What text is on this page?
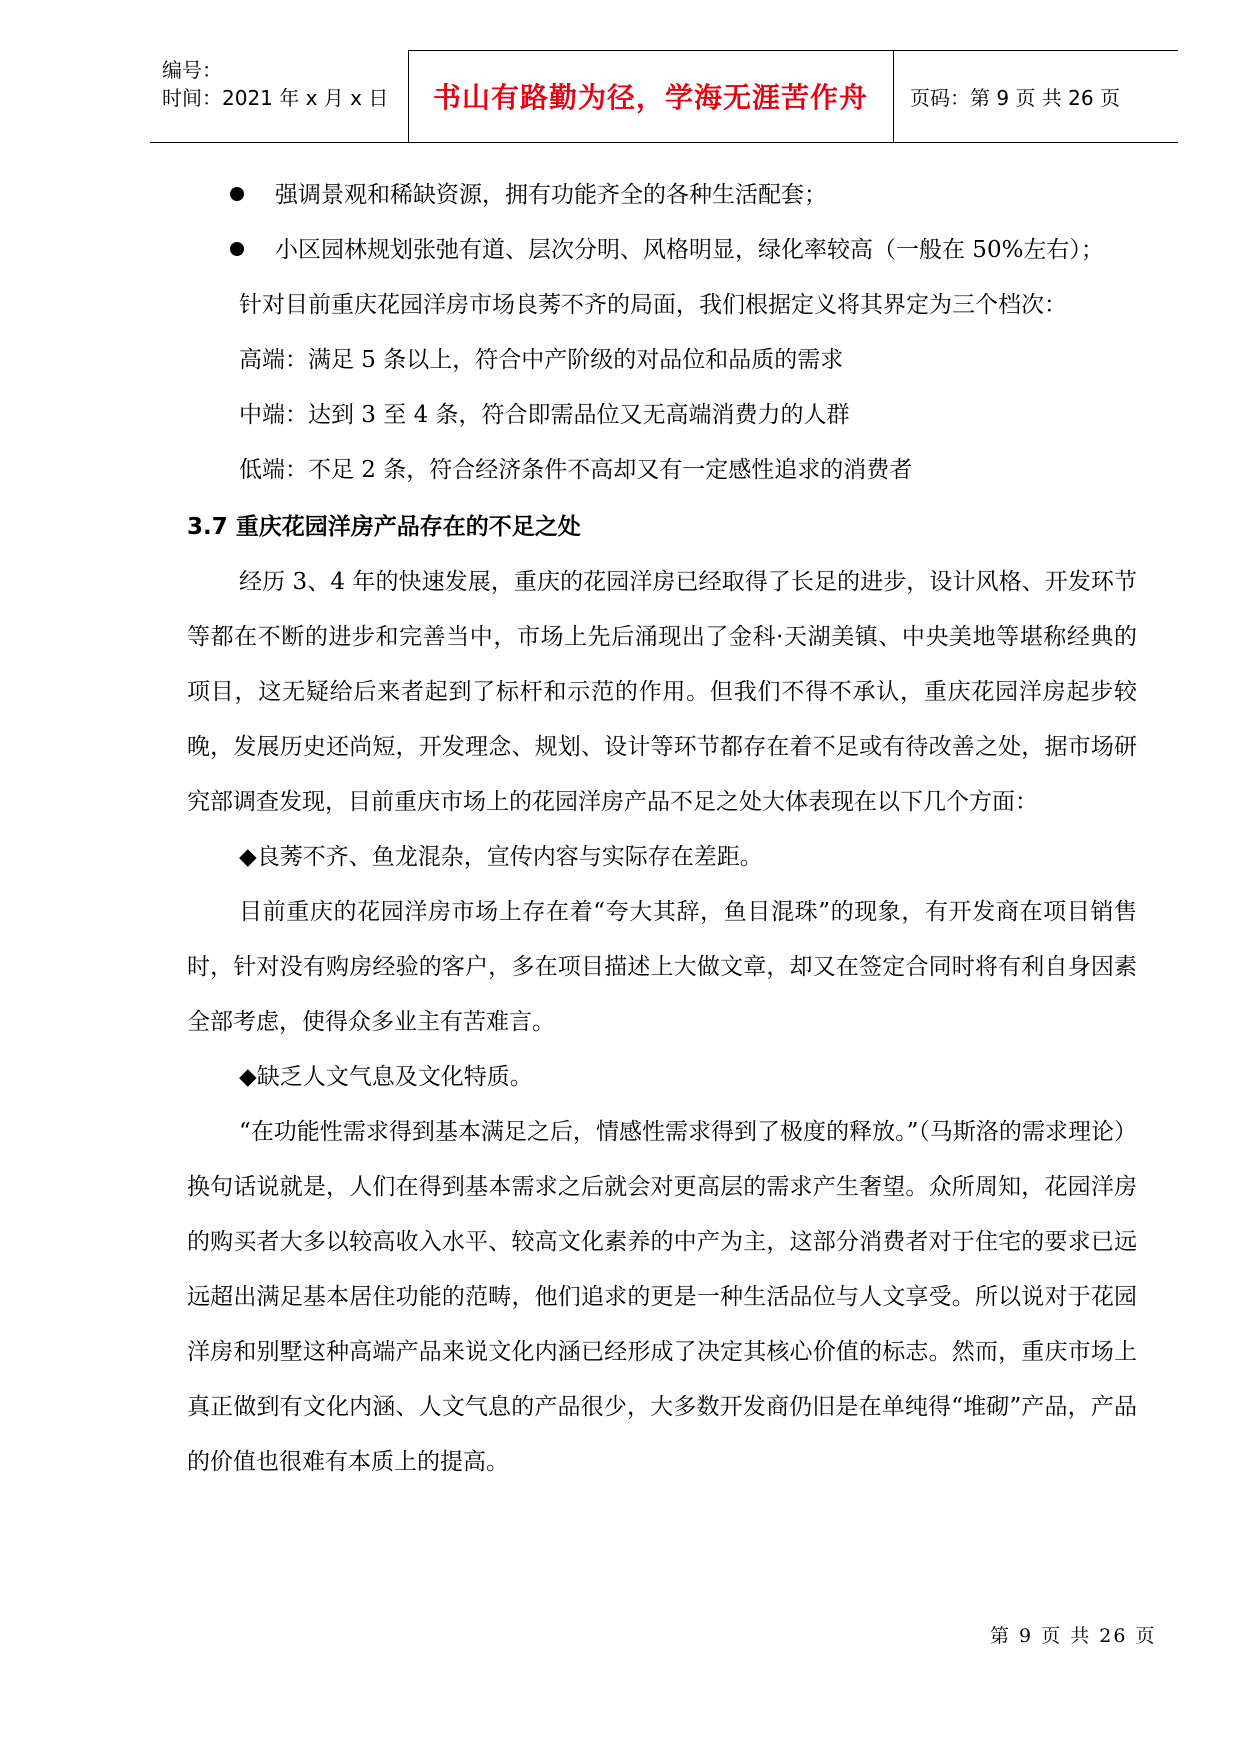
编号：
时间：2021 年 x 月 x 日	书山有路勤为径，学海无涯苦作舟	页码：第 9 页 共 26 页
强调景观和稀缺资源，拥有功能齐全的各种生活配套；
小区园林规划张弛有道、层次分明、风格明显，绿化率较高（一般在 50%左右）；
针对目前重庆花园洋房市场良莠不齐的局面，我们根据定义将其界定为三个档次：
高端：满足 5 条以上，符合中产阶级的对品位和品质的需求
中端：达到 3 至 4 条，符合即需品位又无高端消费力的人群
低端：不足 2 条，符合经济条件不高却又有一定感性追求的消费者
3.7 重庆花园洋房产品存在的不足之处
经历 3、4 年的快速发展，重庆的花园洋房已经取得了长足的进步，设计风格、开发环节等都在不断的进步和完善当中，市场上先后涌现出了金科·天湖美镇、中央美地等堪称经典的项目，这无疑给后来者起到了标杆和示范的作用。但我们不得不承认，重庆花园洋房起步较晚，发展历史还尚短，开发理念、规划、设计等环节都存在着不足或有待改善之处，据市场研究部调查发现，目前重庆市场上的花园洋房产品不足之处大体表现在以下几个方面：
◆良莠不齐、鱼龙混杂，宣传内容与实际存在差距。
目前重庆的花园洋房市场上存在着“夸大其辞，鱼目混珠”的现象，有开发商在项目销售时，针对没有购房经验的客户，多在项目描述上大做文章，却又在签定合同时将有利自身因素全部考虑，使得众多业主有苦难言。
◆缺乏人文气息及文化特质。
“在功能性需求得到基本满足之后，情感性需求得到了极度的释放。”（马斯洛的需求理论）换句话说就是，人们在得到基本需求之后就会对更高层的需求产生奢望。众所周知，花园洋房的购买者大多以较高收入水平、较高文化素养的中产为主，这部分消费者对于住宅的要求已远远超出满足基本居住功能的范畴，他们追求的更是一种生活品位与人文享受。所以说对于花园洋房和别墅这种高端产品来说文化内涵已经形成了决定其核心价值的标志。然而，重庆市场上真正做到有文化内涵、人文气息的产品很少，大多数开发商仍旧是在单纯得“堆砌”产品，产品的价值也很难有本质上的提高。
第 9 页 共 26 页
